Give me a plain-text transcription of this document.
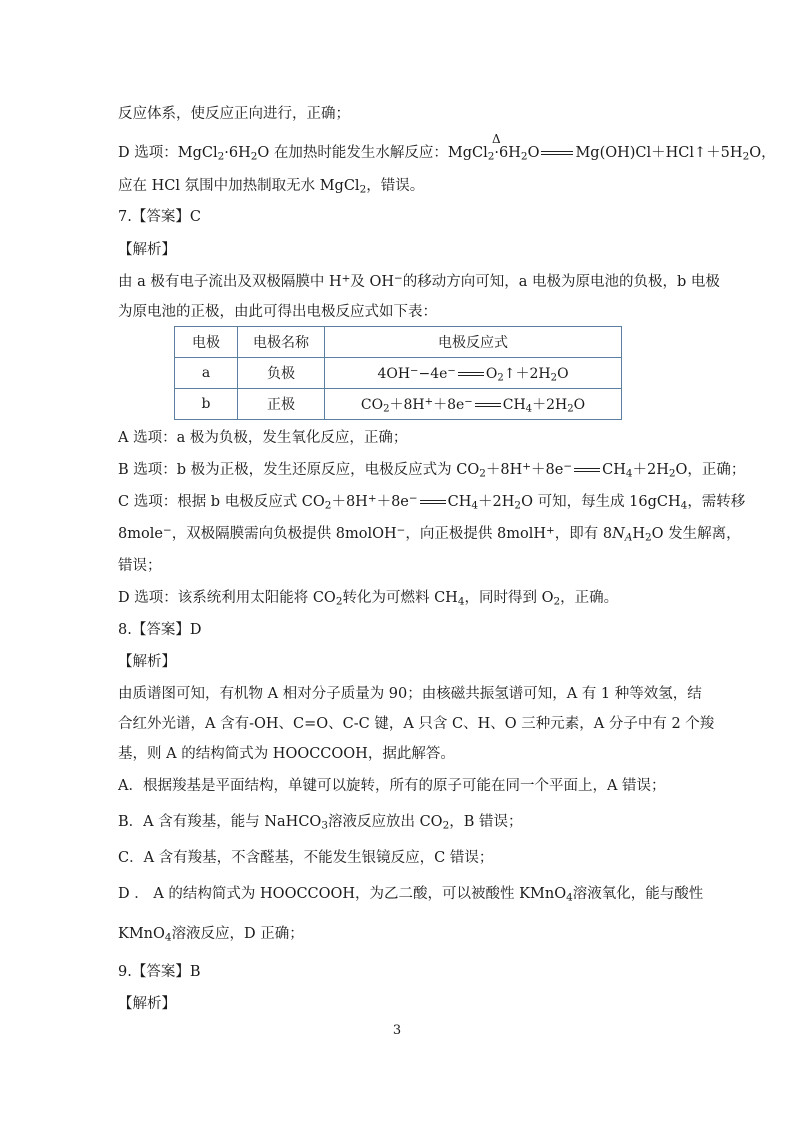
反应体系，使反应正向进行，正确；
D 选项：$MgCl_2\cdot 6H_2O$ 在加热时能发生水解反应：$MgCl_2\cdot 6H_2O$ $Mg(OH)Cl+HCl↑+5H_2O$，
Δ
应在 HCl 氛围中加热制取无水 MgCl$_2$，错误。
7.【答案】C
【解析】
由 a 极有电子流出及双极隔膜中 H+及 OH−的移动方向可知，a 电极为原电池的负极，b 电极
为原电池的正极，由此可得出电极反应式如下表：
电极	电极名称	电极反应式
a	负极	4OH−−4e− $O_2↑+2H_2O$
b	正极	$CO_2+8H^++8e^-$ $CH_4+2H_2O$
A 选项：a 极为负极，发生氧化反应，正确；
B 选项：b 极为正极，发生还原反应，电极反应式为 $CO_2+8H^++8e^-$ $CH_4+2H_2O$，正确；
C 选项：根据 b 电极反应式 $CO_2+8H^++8e^-$ $CH_4+2H_2O$ 可知，每生成 16gCH$_4$，需转移
8mole−，双极隔膜需向负极提供 8molOH−，向正极提供 8molH+，即有 $8N_AH_2O$ 发生解离，
错误；
D 选项：该系统利用太阳能将 $CO_2$转化为可燃料 $CH_4$，同时得到 $O_2$，正确。
8.【答案】D
【解析】
由质谱图可知，有机物 A 相对分子质量为 90；由核磁共振氢谱可知，A 有 1 种等效氢，结
合红外光谱，A 含有-OH、C=O、C-C 键，A 只含 C、H、O 三种元素，A 分子中有 2 个羧
基，则 A 的结构简式为 HOOCCOOH，据此解答。
A．根据羧基是平面结构，单键可以旋转，所有的原子可能在同一个平面上，A 错误；
B．A 含有羧基，能与 NaHCO$_3$溶液反应放出 $CO_2$，B 错误；
C．A 含有羧基，不含醛基，不能发生银镜反应，C 错误；
D ． A 的结构简式为 HOOCCOOH，为乙二酸，可以被酸性 KMnO$_4$溶液氧化，能与酸性
KMnO$_4$溶液反应，D 正确；
9.【答案】B
【解析】
3
